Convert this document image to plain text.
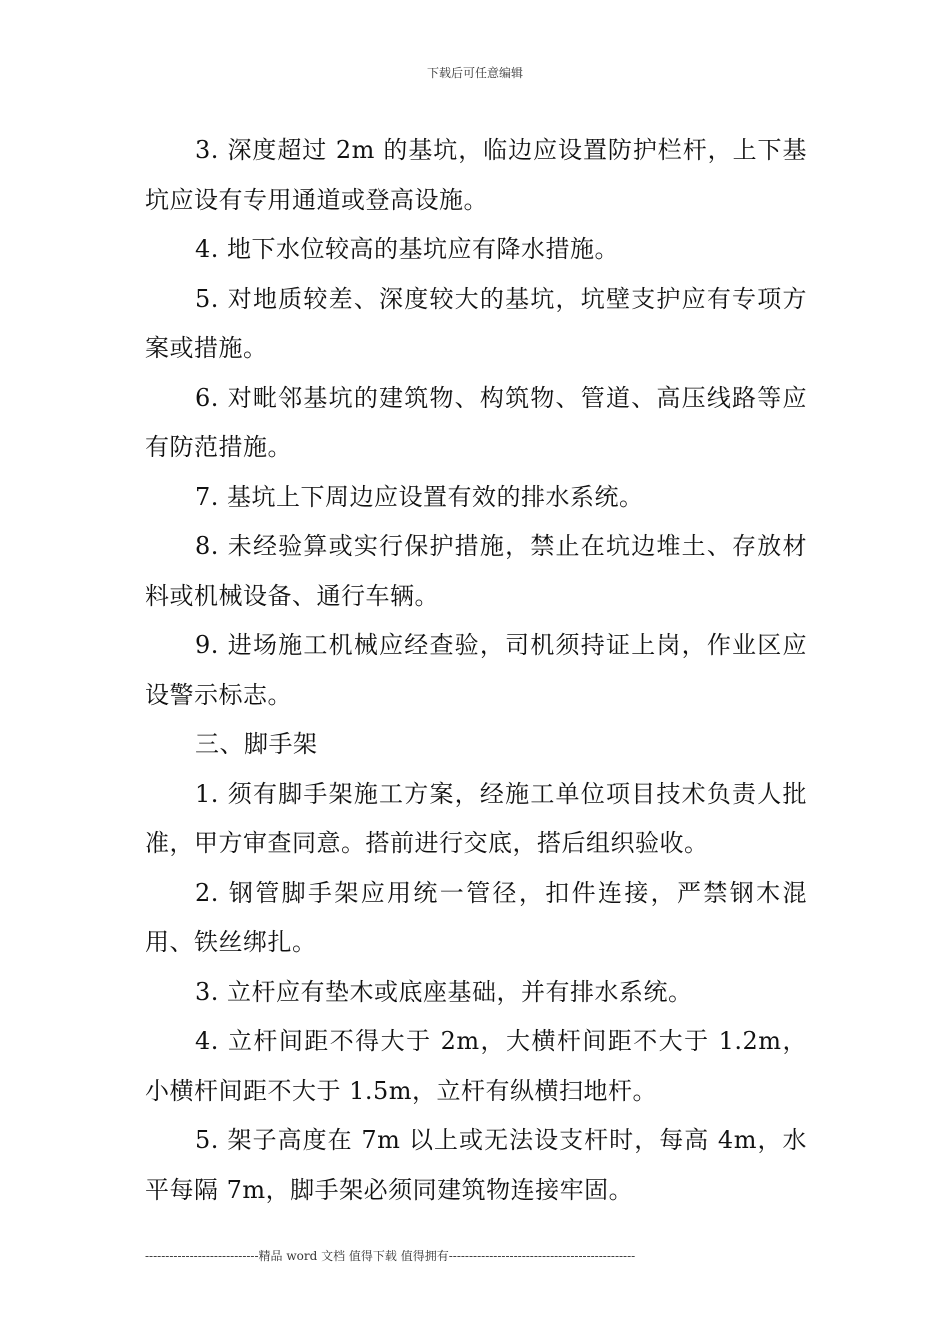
下载后可任意编辑

3. 深度超过 2m 的基坑，临边应设置防护栏杆，上下基坑应设有专用通道或登高设施。

4. 地下水位较高的基坑应有降水措施。

5. 对地质较差、深度较大的基坑，坑壁支护应有专项方案或措施。

6. 对毗邻基坑的建筑物、构筑物、管道、高压线路等应有防范措施。

7. 基坑上下周边应设置有效的排水系统。

8. 未经验算或实行保护措施，禁止在坑边堆土、存放材料或机械设备、通行车辆。

9. 进场施工机械应经查验，司机须持证上岗，作业区应设警示标志。

三、脚手架

1. 须有脚手架施工方案，经施工单位项目技术负责人批准，甲方审查同意。搭前进行交底，搭后组织验收。

2. 钢管脚手架应用统一管径，扣件连接，严禁钢木混用、铁丝绑扎。

3. 立杆应有垫木或底座基础，并有排水系统。

4. 立杆间距不得大于 2m，大横杆间距不大于 1.2m，小横杆间距不大于 1.5m，立杆有纵横扫地杆。

5. 架子高度在 7m 以上或无法设支杆时，每高 4m，水平每隔 7m，脚手架必须同建筑物连接牢固。

----------------------------精品 word 文档 值得下载 值得拥有----------------------------------------------
